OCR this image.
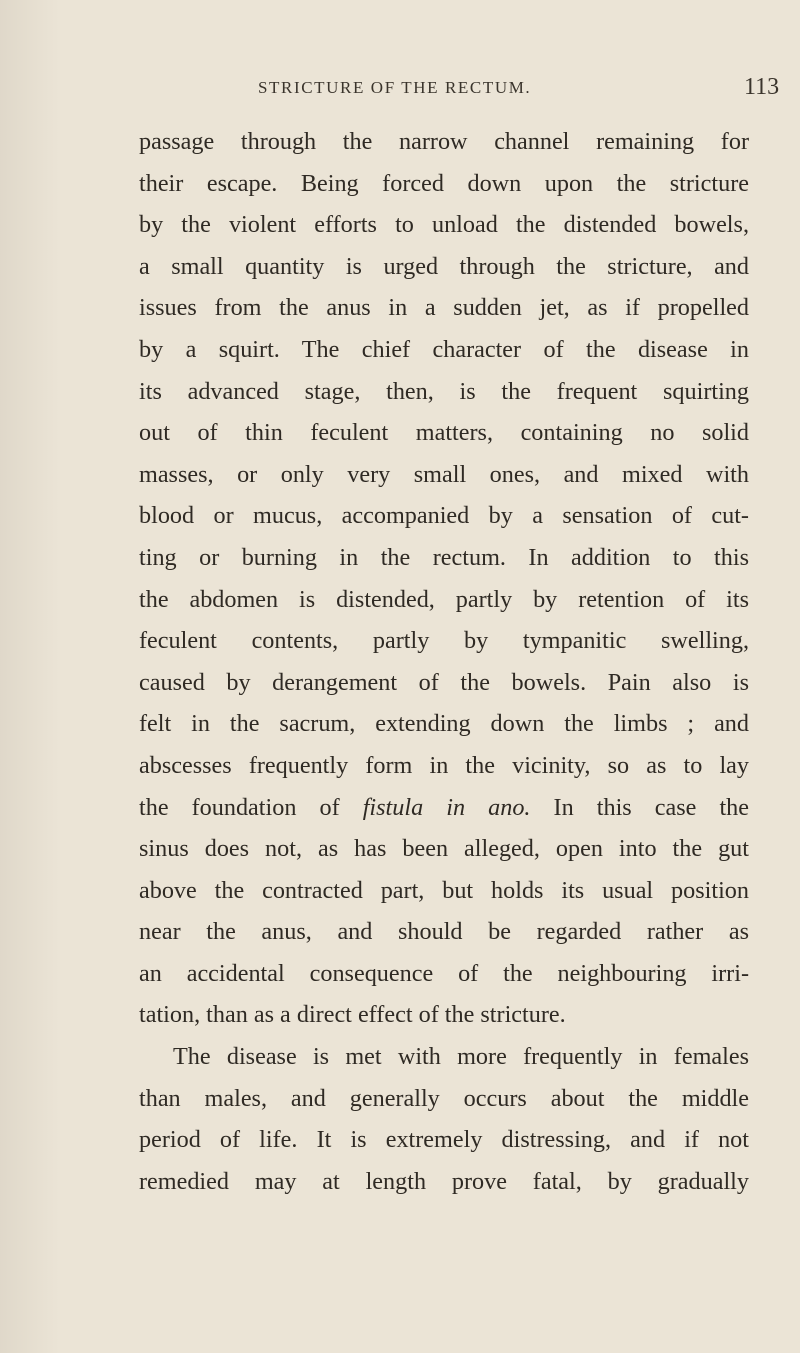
STRICTURE OF THE RECTUM.	113
passage through the narrow channel remaining for
their escape. Being forced down upon the stricture
by the violent efforts to unload the distended bowels,
a small quantity is urged through the stricture, and
issues from the anus in a sudden jet, as if propelled
by a squirt. The chief character of the disease in
its advanced stage, then, is the frequent squirting
out of thin feculent matters, containing no solid
masses, or only very small ones, and mixed with
blood or mucus, accompanied by a sensation of cut-
ting or burning in the rectum. In addition to this
the abdomen is distended, partly by retention of its
feculent contents, partly by tympanitic swelling,
caused by derangement of the bowels. Pain also is
felt in the sacrum, extending down the limbs ; and
abscesses frequently form in the vicinity, so as to lay
the foundation of fistula in ano. In this case the
sinus does not, as has been alleged, open into the gut
above the contracted part, but holds its usual position
near the anus, and should be regarded rather as
an accidental consequence of the neighbouring irri-
tation, than as a direct effect of the stricture.
The disease is met with more frequently in females
than males, and generally occurs about the middle
period of life. It is extremely distressing, and if not
remedied may at length prove fatal, by gradually
